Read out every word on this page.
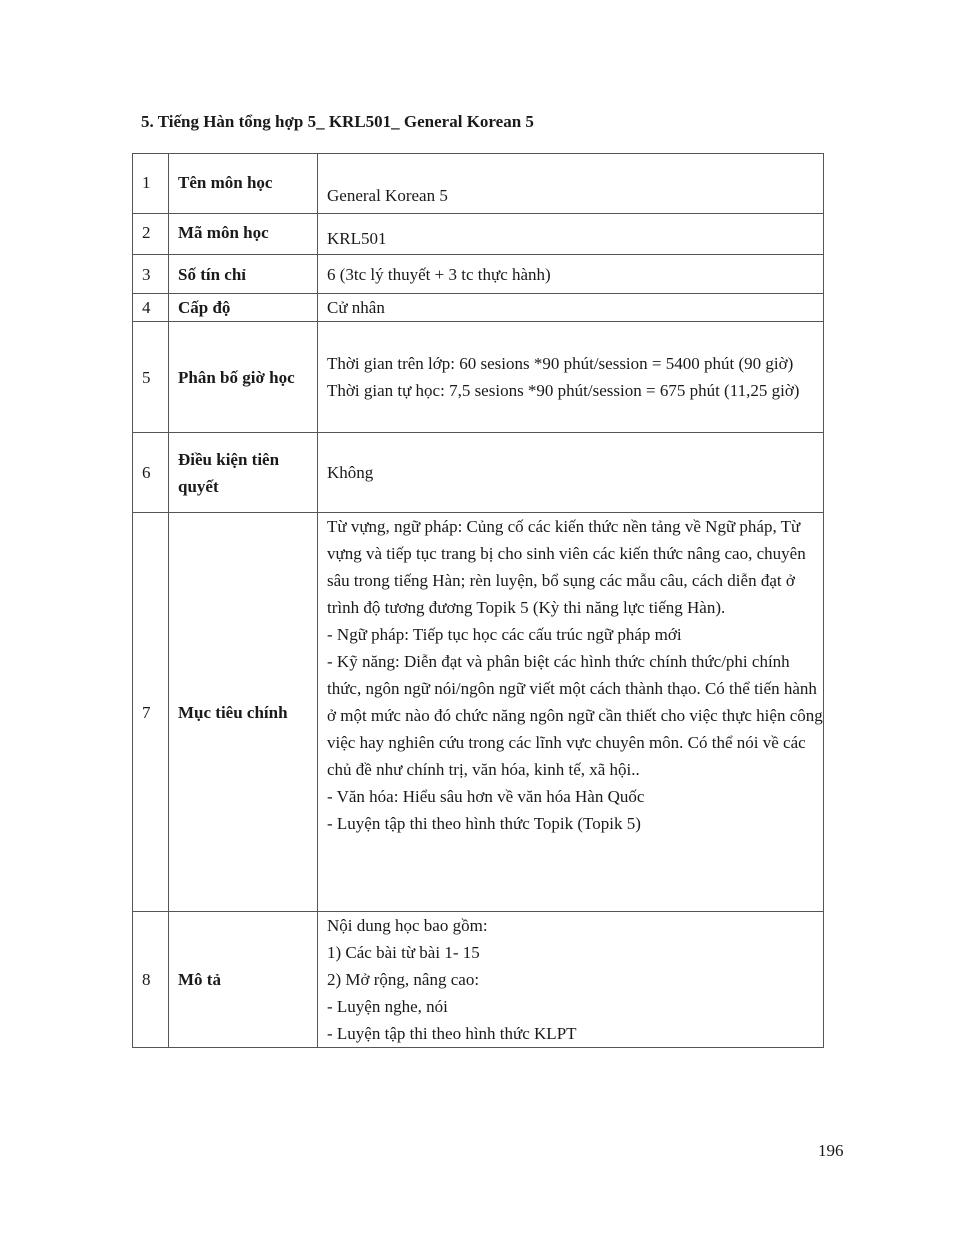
5. Tiếng Hàn tổng hợp 5_ KRL501_ General Korean 5
1	Tên môn học	General Korean 5

2	Mã môn học	KRL501

3	Số tín chỉ	6 (3tc lý thuyết + 3 tc thực hành)

4	Cấp độ	Cử nhân

5	Phân bố giờ học	Thời gian trên lớp: 60 sesions *90 phút/session = 5400 phút (90 giờ)
Thời gian tự học: 7,5 sesions *90 phút/session = 675 phút (11,25 giờ)

6	Điều kiện tiên quyết	Không

7	Mục tiêu chính	Từ vựng, ngữ pháp: Củng cố các kiến thức nền tảng về Ngữ pháp, Từ vựng và tiếp tục trang bị cho sinh viên các kiến thức nâng cao, chuyên sâu trong tiếng Hàn; rèn luyện, bổ sụng các mẫu câu, cách diễn đạt ở trình độ tương đương Topik 5 (Kỳ thi năng lực tiếng Hàn).
- Ngữ pháp: Tiếp tục học các cấu trúc ngữ pháp mới
- Kỹ năng: Diễn đạt và phân biệt các hình thức chính thức/phi chính thức, ngôn ngữ nói/ngôn ngữ viết một cách thành thạo. Có thể tiến hành ở một mức nào đó chức năng ngôn ngữ cần thiết cho việc thực hiện công việc hay nghiên cứu trong các lĩnh vực chuyên môn. Có thể nói về các chủ đề như chính trị, văn hóa, kinh tế, xã hội..
- Văn hóa: Hiểu sâu hơn về văn hóa Hàn Quốc
- Luyện tập thi theo hình thức Topik (Topik 5)

8	Mô tả	Nội dung học bao gồm:
1) Các bài từ bài 1- 15
2) Mở rộng, nâng cao:
- Luyện nghe, nói
- Luyện tập thi theo hình thức KLPT
196
